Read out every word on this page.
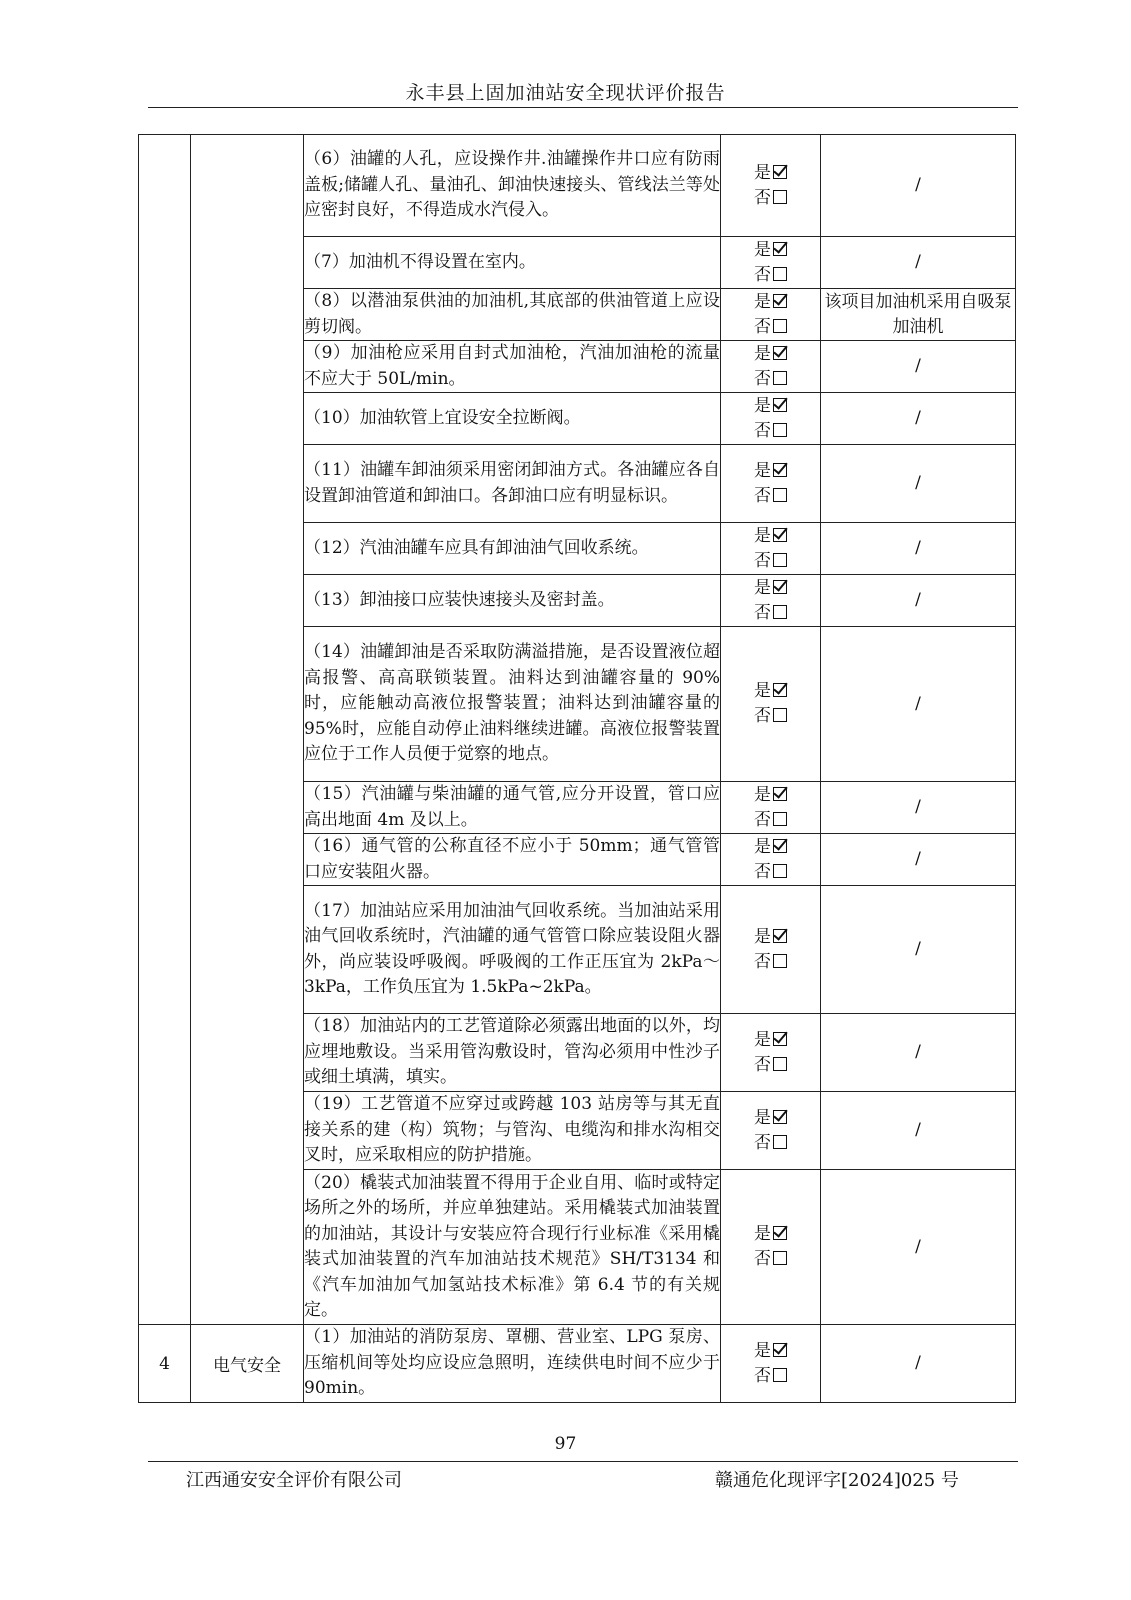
永丰县上固加油站安全现状评价报告
		（6）油罐的人孔，应设操作井.油罐操作井口应有防雨盖板;储罐人孔、量油孔、卸油快速接头、管线法兰等处应密封良好，不得造成水汽侵入。	是
否	/
		（7）加油机不得设置在室内。	是
否	/
		（8）以潜油泵供油的加油机,其底部的供油管道上应设剪切阀。	是
否	该项目加油机采用自吸泵加油机
		（9）加油枪应采用自封式加油枪，汽油加油枪的流量不应大于 50L/min。	是
否	/
		（10）加油软管上宜设安全拉断阀。	是
否	/
		（11）油罐车卸油须采用密闭卸油方式。各油罐应各自设置卸油管道和卸油口。各卸油口应有明显标识。	是
否	/
		（12）汽油油罐车应具有卸油油气回收系统。	是
否	/
		（13）卸油接口应装快速接头及密封盖。	是
否	/
		（14）油罐卸油是否采取防满溢措施，是否设置液位超高报警、高高联锁装置。油料达到油罐容量的 90%时，应能触动高液位报警装置；油料达到油罐容量的 95%时，应能自动停止油料继续进罐。高液位报警装置应位于工作人员便于觉察的地点。	是
否	/
		（15）汽油罐与柴油罐的通气管,应分开设置，管口应高出地面 4m 及以上。	是
否	/
		（16）通气管的公称直径不应小于 50mm；通气管管口应安装阻火器。	是
否	/
		（17）加油站应采用加油油气回收系统。当加油站采用油气回收系统时，汽油罐的通气管管口除应装设阻火器外，尚应装设呼吸阀。呼吸阀的工作正压宜为 2kPa～3kPa，工作负压宜为 1.5kPa~2kPa。	是
否	/
		（18）加油站内的工艺管道除必须露出地面的以外，均应埋地敷设。当采用管沟敷设时，管沟必须用中性沙子或细土填满，填实。	是
否	/
		（19）工艺管道不应穿过或跨越 103 站房等与其无直接关系的建（构）筑物；与管沟、电缆沟和排水沟相交叉时，应采取相应的防护措施。	是
否	/
		（20）橇装式加油装置不得用于企业自用、临时或特定场所之外的场所，并应单独建站。采用橇装式加油装置的加油站，其设计与安装应符合现行行业标准《采用橇装式加油装置的汽车加油站技术规范》SH/T3134 和《汽车加油加气加氢站技术标准》第 6.4 节的有关规定。	是
否	/
4	电气安全	（1）加油站的消防泵房、罩棚、营业室、LPG 泵房、压缩机间等处均应设应急照明，连续供电时间不应少于 90min。	是
否	/
97
江西通安安全评价有限公司	赣通危化现评字[2024]025 号
